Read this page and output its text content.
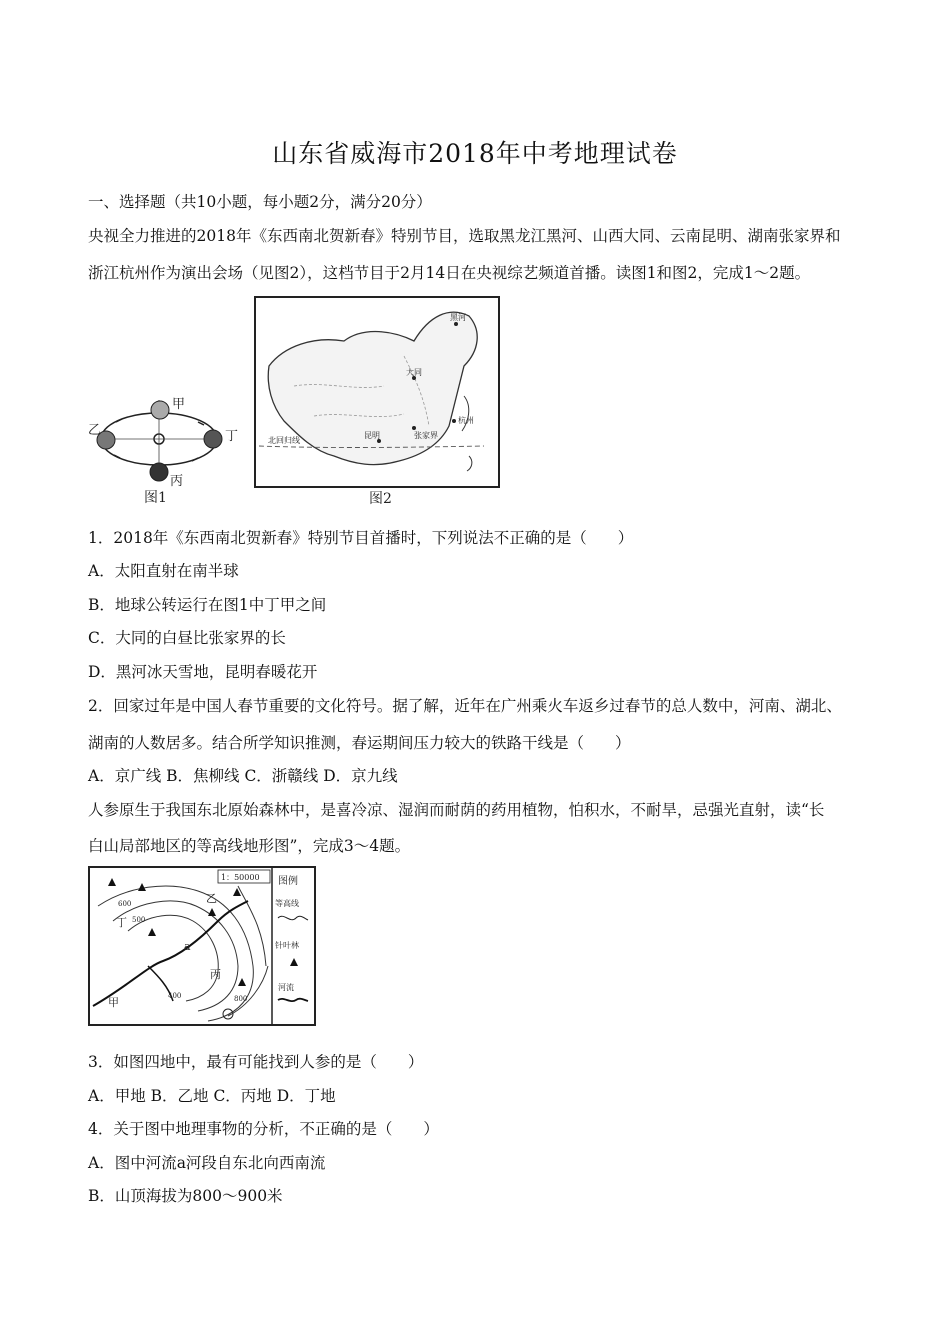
山东省威海市2018年中考地理试卷
一、选择题（共10小题，每小题2分，满分20分）
央视全力推进的2018年《东西南北贺新春》特别节目，选取黑龙江黑河、山西大同、云南昆明、湖南张家界和
浙江杭州作为演出会场（见图2），这档节目于2月14日在央视综艺频道首播。读图1和图2，完成1～2题。
甲
乙
丙
丁
图1
黑河
大同
杭州
张家界
昆明
北回归线
图2
1．2018年《东西南北贺新春》特别节目首播时，下列说法不正确的是（　　）
A．太阳直射在南半球
B．地球公转运行在图1中丁甲之间
C．大同的白昼比张家界的长
D．黑河冰天雪地，昆明春暖花开
2．回家过年是中国人春节重要的文化符号。据了解，近年在广州乘火车返乡过春节的总人数中，河南、湖北、
湖南的人数居多。结合所学知识推测，春运期间压力较大的铁路干线是（　　）
A．京广线 B．焦柳线 C．浙赣线 D．京九线
人参原生于我国东北原始森林中，是喜冷凉、湿润而耐荫的药用植物，怕积水，不耐旱，忌强光直射，读“长
白山局部地区的等高线地形图”，完成3～4题。
1：50000
甲
乙
丙
丁
a
500
600
400	800
图例
等高线
针叶林
河流
3．如图四地中，最有可能找到人参的是（　　）
A．甲地 B．乙地 C．丙地 D．丁地
4．关于图中地理事物的分析，不正确的是（　　）
A．图中河流a河段自东北向西南流
B．山顶海拔为800～900米
